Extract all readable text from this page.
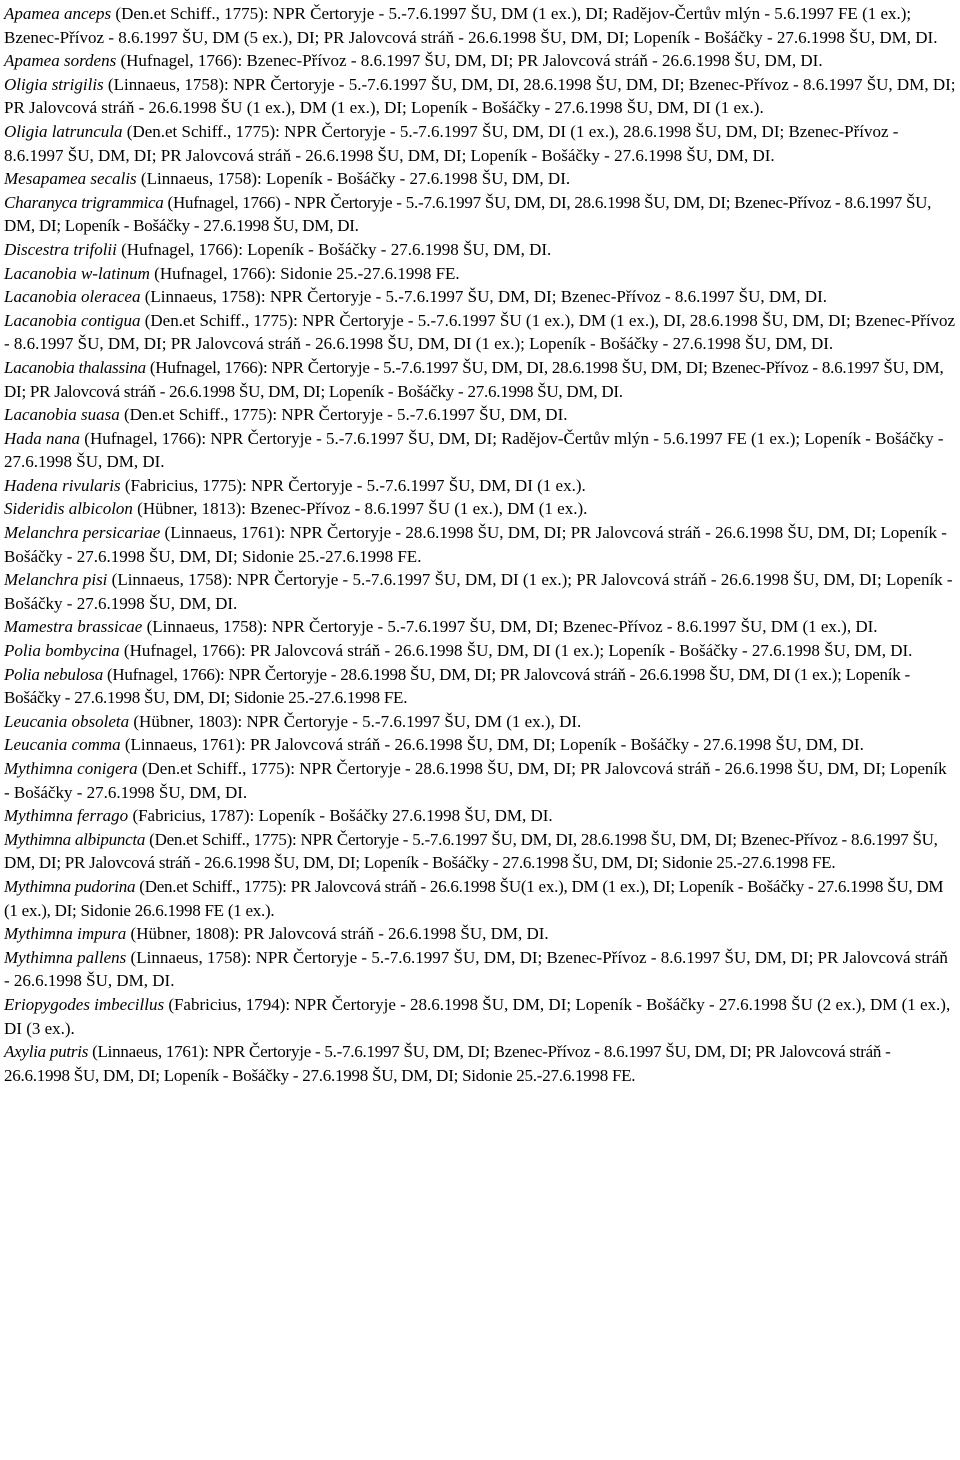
Apamea anceps (Den.et Schiff., 1775): NPR Čertoryje - 5.-7.6.1997 ŠU, DM (1 ex.), DI; Radějov-Čertův mlýn - 5.6.1997 FE (1 ex.); Bzenec-Přívoz - 8.6.1997 ŠU, DM (5 ex.), DI; PR Jalovcová stráň - 26.6.1998 ŠU, DM, DI; Lopeník - Bošáčky - 27.6.1998 ŠU, DM, DI.

Apamea sordens (Hufnagel, 1766): Bzenec-Přívoz - 8.6.1997 ŠU, DM, DI; PR Jalovcová stráň - 26.6.1998 ŠU, DM, DI.

Oligia strigilis (Linnaeus, 1758): NPR Čertoryje - 5.-7.6.1997 ŠU, DM, DI, 28.6.1998 ŠU, DM, DI; Bzenec-Přívoz - 8.6.1997 ŠU, DM, DI; PR Jalovcová stráň - 26.6.1998 ŠU (1 ex.), DM (1 ex.), DI; Lopeník - Bošáčky - 27.6.1998 ŠU, DM, DI (1 ex.).

Oligia latruncula (Den.et Schiff., 1775): NPR Čertoryje - 5.-7.6.1997 ŠU, DM, DI (1 ex.), 28.6.1998 ŠU, DM, DI; Bzenec-Přívoz - 8.6.1997 ŠU, DM, DI; PR Jalovcová stráň - 26.6.1998 ŠU, DM, DI; Lopeník - Bošáčky - 27.6.1998 ŠU, DM, DI.

Mesapamea secalis (Linnaeus, 1758): Lopeník - Bošáčky - 27.6.1998 ŠU, DM, DI.

Charanyca trigrammica (Hufnagel, 1766) - NPR Čertoryje - 5.-7.6.1997 ŠU, DM, DI, 28.6.1998 ŠU, DM, DI; Bzenec-Přívoz - 8.6.1997 ŠU, DM, DI; Lopeník - Bošáčky - 27.6.1998 ŠU, DM, DI.

Discestra trifolii (Hufnagel, 1766): Lopeník - Bošáčky - 27.6.1998 ŠU, DM, DI.

Lacanobia w-latinum (Hufnagel, 1766): Sidonie 25.-27.6.1998 FE.

Lacanobia oleracea (Linnaeus, 1758): NPR Čertoryje - 5.-7.6.1997 ŠU, DM, DI; Bzenec-Přívoz - 8.6.1997 ŠU, DM, DI.

Lacanobia contigua (Den.et Schiff., 1775): NPR Čertoryje - 5.-7.6.1997 ŠU (1 ex.), DM (1 ex.), DI, 28.6.1998 ŠU, DM, DI; Bzenec-Přívoz - 8.6.1997 ŠU, DM, DI; PR Jalovcová stráň - 26.6.1998 ŠU, DM, DI (1 ex.); Lopeník - Bošáčky - 27.6.1998 ŠU, DM, DI.

Lacanobia thalassina (Hufnagel, 1766): NPR Čertoryje - 5.-7.6.1997 ŠU, DM, DI, 28.6.1998 ŠU, DM, DI; Bzenec-Přívoz - 8.6.1997 ŠU, DM, DI; PR Jalovcová stráň - 26.6.1998 ŠU, DM, DI; Lopeník - Bošáčky - 27.6.1998 ŠU, DM, DI.

Lacanobia suasa (Den.et Schiff., 1775): NPR Čertoryje - 5.-7.6.1997 ŠU, DM, DI.

Hada nana (Hufnagel, 1766): NPR Čertoryje - 5.-7.6.1997 ŠU, DM, DI; Radějov-Čertův mlýn - 5.6.1997 FE (1 ex.); Lopeník - Bošáčky - 27.6.1998 ŠU, DM, DI.

Hadena rivularis (Fabricius, 1775): NPR Čertoryje - 5.-7.6.1997 ŠU, DM, DI (1 ex.).

Sideridis albicolon (Hübner, 1813): Bzenec-Přívoz - 8.6.1997 ŠU (1 ex.), DM (1 ex.).

Melanchra persicariae (Linnaeus, 1761): NPR Čertoryje - 28.6.1998 ŠU, DM, DI; PR Jalovcová stráň - 26.6.1998 ŠU, DM, DI; Lopeník - Bošáčky - 27.6.1998 ŠU, DM, DI; Sidonie 25.-27.6.1998 FE.

Melanchra pisi (Linnaeus, 1758): NPR Čertoryje - 5.-7.6.1997 ŠU, DM, DI (1 ex.); PR Jalovcová stráň - 26.6.1998 ŠU, DM, DI; Lopeník - Bošáčky - 27.6.1998 ŠU, DM, DI.

Mamestra brassicae (Linnaeus, 1758): NPR Čertoryje - 5.-7.6.1997 ŠU, DM, DI; Bzenec-Přívoz - 8.6.1997 ŠU, DM (1 ex.), DI.

Polia bombycina (Hufnagel, 1766): PR Jalovcová stráň - 26.6.1998 ŠU, DM, DI (1 ex.); Lopeník - Bošáčky - 27.6.1998 ŠU, DM, DI.

Polia nebulosa (Hufnagel, 1766): NPR Čertoryje - 28.6.1998 ŠU, DM, DI; PR Jalovcová stráň - 26.6.1998 ŠU, DM, DI (1 ex.); Lopeník - Bošáčky - 27.6.1998 ŠU, DM, DI; Sidonie 25.-27.6.1998 FE.

Leucania obsoleta (Hübner, 1803): NPR Čertoryje - 5.-7.6.1997 ŠU, DM (1 ex.), DI.

Leucania comma (Linnaeus, 1761): PR Jalovcová stráň - 26.6.1998 ŠU, DM, DI; Lopeník - Bošáčky - 27.6.1998 ŠU, DM, DI.

Mythimna conigera (Den.et Schiff., 1775): NPR Čertoryje - 28.6.1998 ŠU, DM, DI; PR Jalovcová stráň - 26.6.1998 ŠU, DM, DI; Lopeník - Bošáčky - 27.6.1998 ŠU, DM, DI.

Mythimna ferrago (Fabricius, 1787): Lopeník - Bošáčky 27.6.1998 ŠU, DM, DI.

Mythimna albipuncta (Den.et Schiff., 1775): NPR Čertoryje - 5.-7.6.1997 ŠU, DM, DI, 28.6.1998 ŠU, DM, DI; Bzenec-Přívoz - 8.6.1997 ŠU, DM, DI; PR Jalovcová stráň - 26.6.1998 ŠU, DM, DI; Lopeník - Bošáčky - 27.6.1998 ŠU, DM, DI; Sidonie 25.-27.6.1998 FE.

Mythimna pudorina (Den.et Schiff., 1775): PR Jalovcová stráň - 26.6.1998 ŠU(1 ex.), DM (1 ex.), DI; Lopeník - Bošáčky - 27.6.1998 ŠU, DM (1 ex.), DI; Sidonie 26.6.1998 FE (1 ex.).

Mythimna impura (Hübner, 1808): PR Jalovcová stráň - 26.6.1998 ŠU, DM, DI.

Mythimna pallens (Linnaeus, 1758): NPR Čertoryje - 5.-7.6.1997 ŠU, DM, DI; Bzenec-Přívoz - 8.6.1997 ŠU, DM, DI; PR Jalovcová stráň - 26.6.1998 ŠU, DM, DI.

Eriopygodes imbecillus (Fabricius, 1794): NPR Čertoryje - 28.6.1998 ŠU, DM, DI; Lopeník - Bošáčky - 27.6.1998 ŠU (2 ex.), DM (1 ex.), DI (3 ex.).

Axylia putris (Linnaeus, 1761): NPR Čertoryje - 5.-7.6.1997 ŠU, DM, DI; Bzenec-Přívoz - 8.6.1997 ŠU, DM, DI; PR Jalovcová stráň - 26.6.1998 ŠU, DM, DI; Lopeník - Bošáčky - 27.6.1998 ŠU, DM, DI; Sidonie 25.-27.6.1998 FE.
